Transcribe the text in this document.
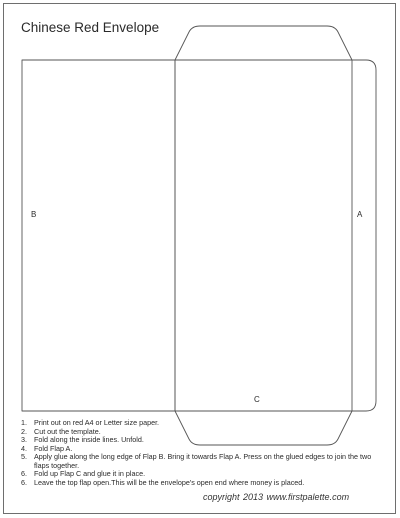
Chinese Red Envelope
B	A
C
1. Print out on red A4 or Letter size paper.
2. Cut out the template.
3. Fold along the inside lines. Unfold.
4. Fold Flap A.
5. Apply glue along the long edge of Flap B. Bring it towards Flap A. Press on the glued edges to join the two flaps together.
6. Fold up Flap C and glue it in place.
6. Leave the top flap open.This will be the envelope's open end where money is placed.
copyright 2013 www.firstpalette.com
